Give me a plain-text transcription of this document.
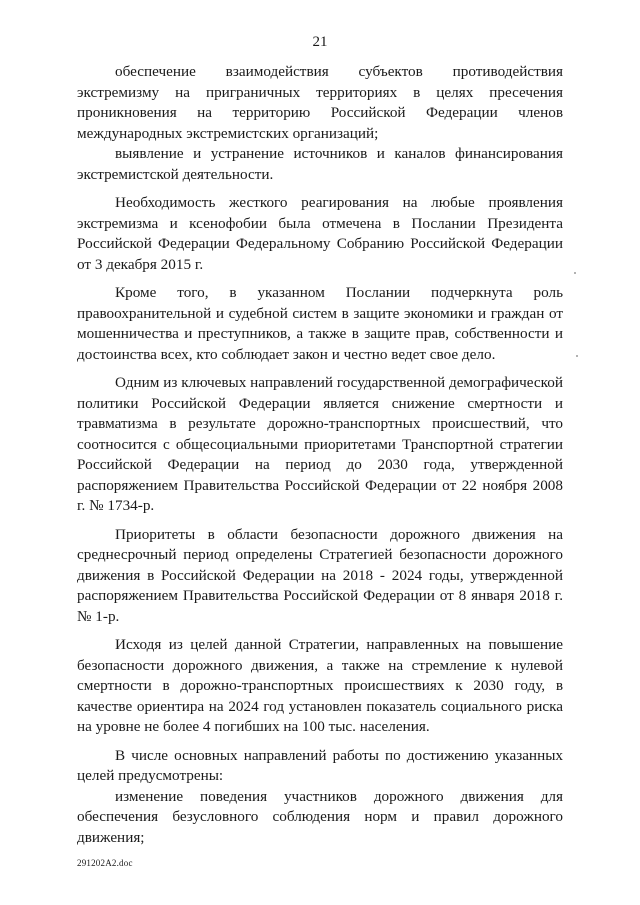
21

обеспечение взаимодействия субъектов противодействия экстремизму на приграничных территориях в целях пресечения проникновения на территорию Российской Федерации членов международных экстремистских организаций;

выявление и устранение источников и каналов финансирования экстремистской деятельности.

Необходимость жесткого реагирования на любые проявления экстремизма и ксенофобии была отмечена в Послании Президента Российской Федерации Федеральному Собранию Российской Федерации от 3 декабря 2015 г.

Кроме того, в указанном Послании подчеркнута роль правоохранительной и судебной систем в защите экономики и граждан от мошенничества и преступников, а также в защите прав, собственности и достоинства всех, кто соблюдает закон и честно ведет свое дело.

Одним из ключевых направлений государственной демографической политики Российской Федерации является снижение смертности и травматизма в результате дорожно-транспортных происшествий, что соотносится с общесоциальными приоритетами Транспортной стратегии Российской Федерации на период до 2030 года, утвержденной распоряжением Правительства Российской Федерации от 22 ноября 2008 г. № 1734-р.

Приоритеты в области безопасности дорожного движения на среднесрочный период определены Стратегией безопасности дорожного движения в Российской Федерации на 2018 - 2024 годы, утвержденной распоряжением Правительства Российской Федерации от 8 января 2018 г. № 1-р.

Исходя из целей данной Стратегии, направленных на повышение безопасности дорожного движения, а также на стремление к нулевой смертности в дорожно-транспортных происшествиях к 2030 году, в качестве ориентира на 2024 год установлен показатель социального риска на уровне не более 4 погибших на 100 тыс. населения.

В числе основных направлений работы по достижению указанных целей предусмотрены:

изменение поведения участников дорожного движения для обеспечения безусловного соблюдения норм и правил дорожного движения;

291202A2.doc
